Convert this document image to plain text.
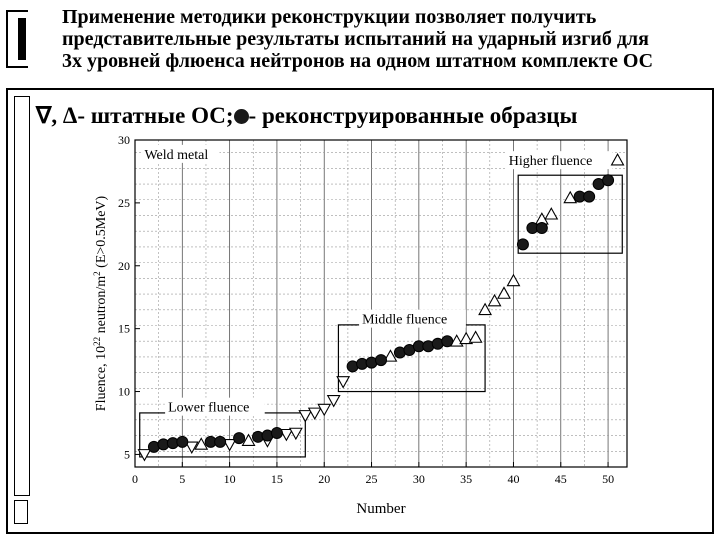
Применение методики реконструкции позволяет получить
представительные результаты испытаний на ударный изгиб для
3х уровней флюенса нейтронов на одном штатном комплекте ОС
∇, Δ- штатные ОС;- реконструированные образцы
0	5	10	15	20	25	30	35	40	45	50
5
10
15
20
25
30
Number
Fluence, $10^{22}$ neutron/$m^2$ (E>0.5MeV)
Weld metal
Lower fluence
Middle fluence
Higher fluence
